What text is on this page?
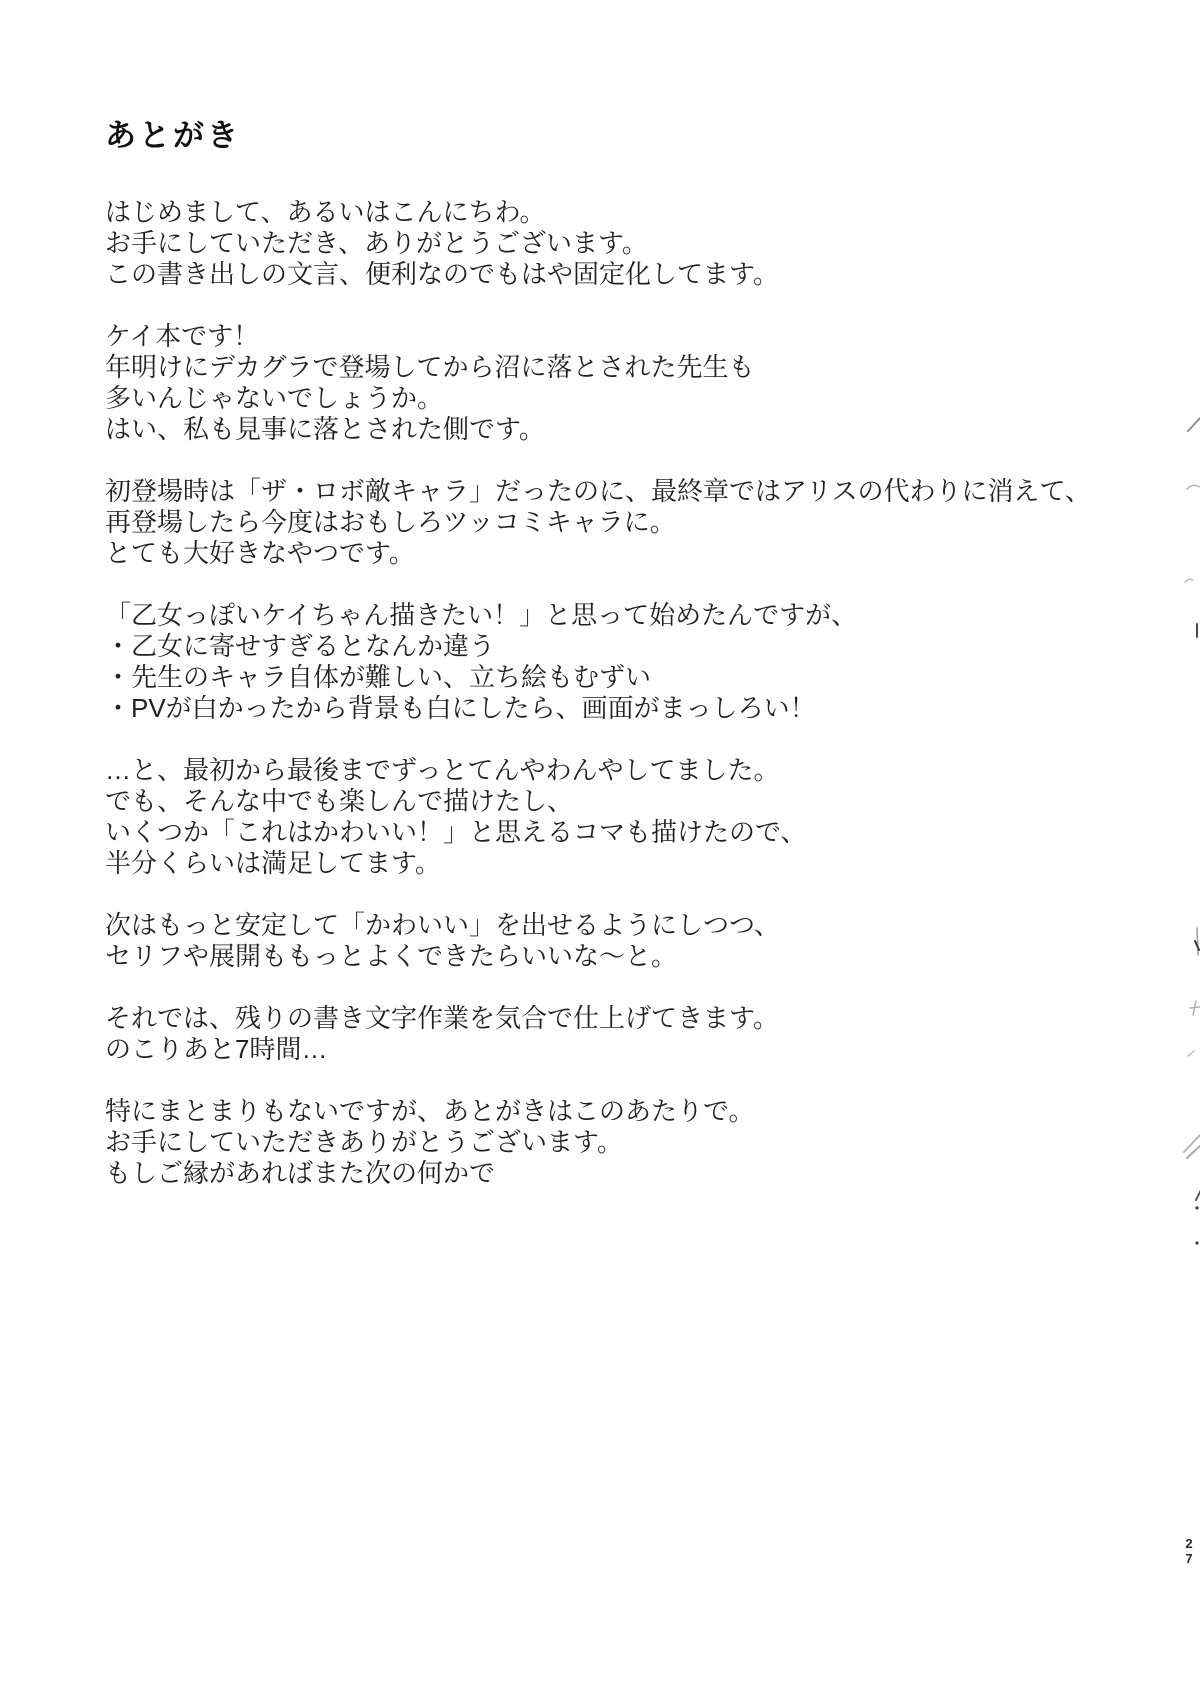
あとがき
はじめまして、あるいはこんにちわ。
お手にしていただき、ありがとうございます。
この書き出しの文言、便利なのでもはや固定化してます。
ケイ本です！
年明けにデカグラで登場してから沼に落とされた先生も
多いんじゃないでしょうか。
はい、私も見事に落とされた側です。
初登場時は「ザ・ロボ敵キャラ」だったのに、最終章ではアリスの代わりに消えて、
再登場したら今度はおもしろツッコミキャラに。
とても大好きなやつです。
「乙女っぽいケイちゃん描きたい！」と思って始めたんですが、
・乙女に寄せすぎるとなんか違う
・先生のキャラ自体が難しい、立ち絵もむずい
・PVが白かったから背景も白にしたら、画面がまっしろい！
…と、最初から最後までずっとてんやわんやしてました。
でも、そんな中でも楽しんで描けたし、
いくつか「これはかわいい！」と思えるコマも描けたので、
半分くらいは満足してます。
次はもっと安定して「かわいい」を出せるようにしつつ、
セリフや展開ももっとよくできたらいいな～と。
それでは、残りの書き文字作業を気合で仕上げてきます。
のこりあと7時間…
特にまとまりもないですが、あとがきはこのあたりで。
お手にしていただきありがとうございます。
もしご縁があればまた次の何かで
2
7
